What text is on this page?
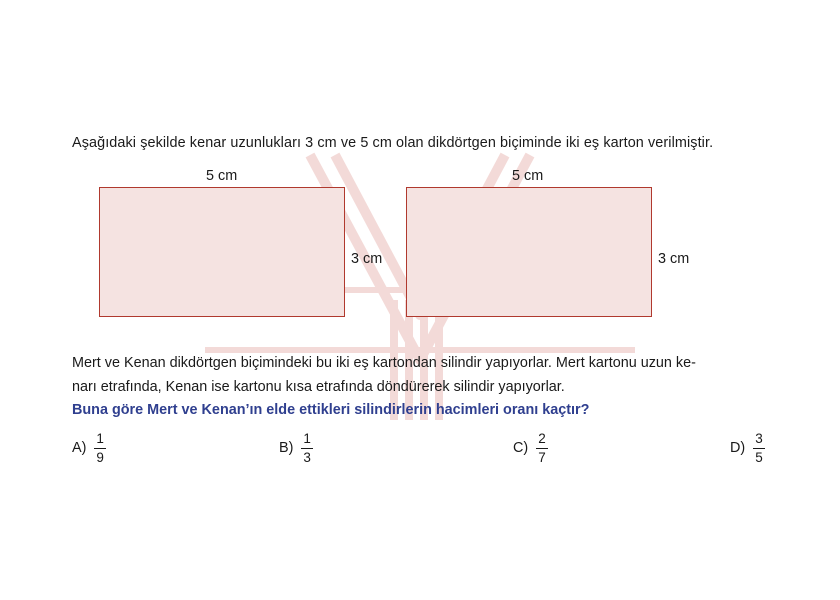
Aşağıdaki şekilde kenar uzunlukları 3 cm ve 5 cm olan dikdörtgen biçiminde iki eş karton verilmiştir.
5 cm
3 cm
5 cm
3 cm
Mert ve Kenan dikdörtgen biçimindeki bu iki eş kartondan silindir yapıyorlar. Mert kartonu uzun ke-
narı etrafında, Kenan ise kartonu kısa etrafında döndürerek silindir yapıyorlar.
Buna göre Mert ve Kenan’ın elde ettikleri silindirlerin hacimleri oranı kaçtır?
$A) \frac{1}{9}$	$B) \frac{1}{3}$	$C) \frac{2}{7}$	$D) \frac{3}{5}$
